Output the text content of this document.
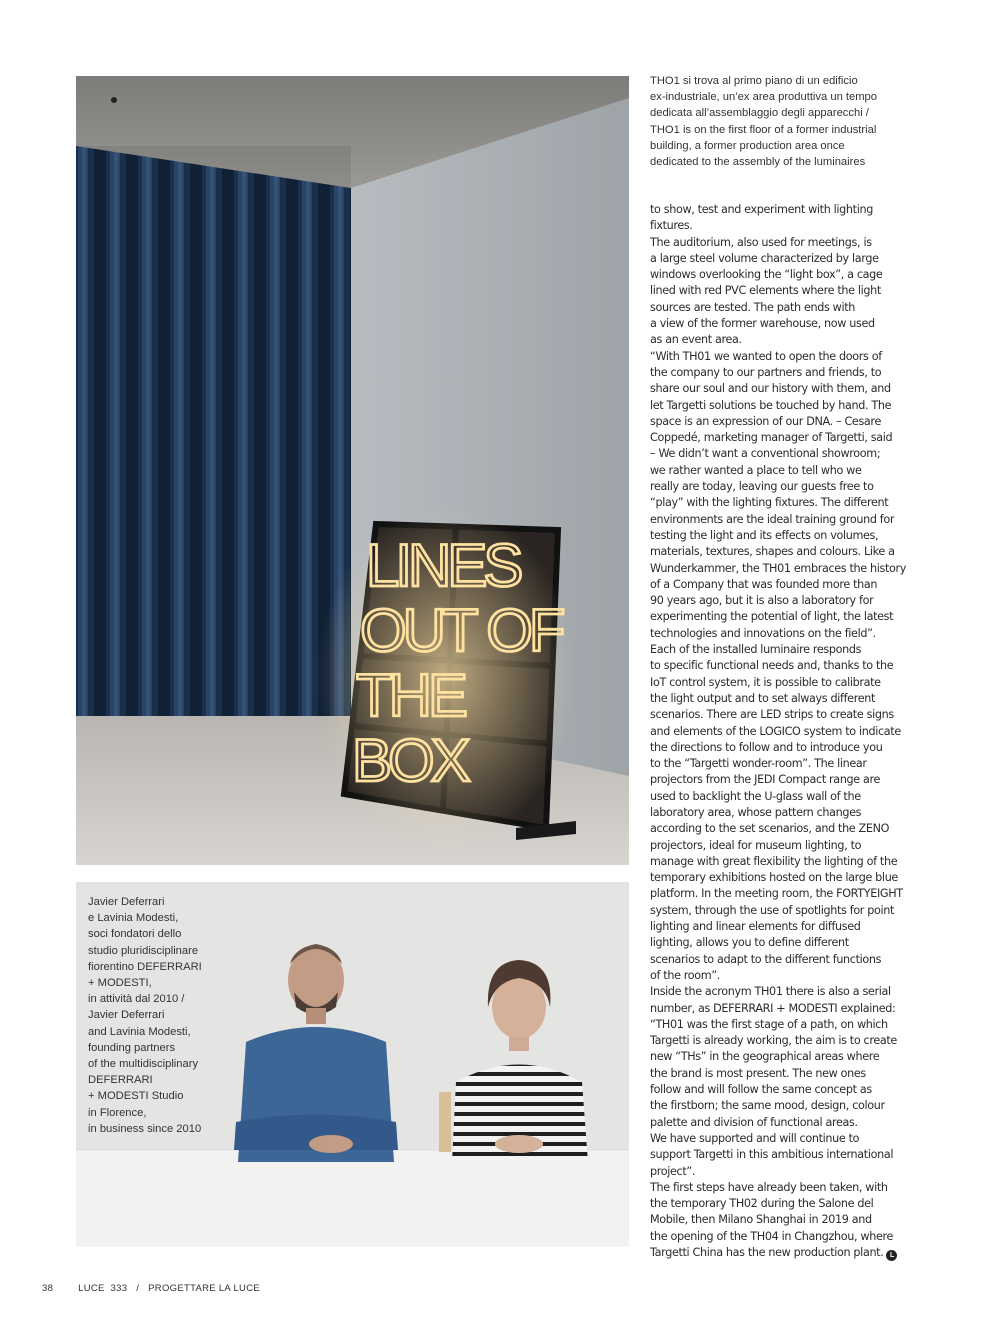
LINES
OUT OF
THE
BOX
THO1 si trova al primo piano di un edificio
ex-industriale, un’ex area produttiva un tempo
dedicata all’assemblaggio degli apparecchi /
THO1 is on the first floor of a former industrial
building, a former production area once
dedicated to the assembly of the luminaires
Javier Deferrari
e Lavinia Modesti,
soci fondatori dello
studio pluridisciplinare
fiorentino DEFERRARI
+ MODESTI,
in attività dal 2010 /
Javier Deferrari
and Lavinia Modesti,
founding partners
of the multidisciplinary
DEFERRARI
+ MODESTI Studio
in Florence,
in business since 2010

to show, test and experiment with lighting

fixtures.

The auditorium, also used for meetings, is

a large steel volume characterized by large

windows overlooking the “light box”, a cage

lined with red PVC elements where the light

sources are tested. The path ends with

a view of the former warehouse, now used

as an event area.

“With TH01 we wanted to open the doors of

the company to our partners and friends, to

share our soul and our history with them, and

let Targetti solutions be touched by hand. The

space is an expression of our DNA. – Cesare

Coppedé, marketing manager of Targetti, said

– We didn’t want a conventional showroom;

we rather wanted a place to tell who we

really are today, leaving our guests free to

“play” with the lighting fixtures. The different

environments are the ideal training ground for

testing the light and its effects on volumes,

materials, textures, shapes and colours. Like a

Wunderkammer, the TH01 embraces the history

of a Company that was founded more than

90 years ago, but it is also a laboratory for

experimenting the potential of light, the latest

technologies and innovations on the field”.

Each of the installed luminaire responds

to specific functional needs and, thanks to the

IoT control system, it is possible to calibrate

the light output and to set always different

scenarios. There are LED strips to create signs

and elements of the LOGICO system to indicate

the directions to follow and to introduce you

to the “Targetti wonder-room”. The linear

projectors from the JEDI Compact range are

used to backlight the U-glass wall of the

laboratory area, whose pattern changes

according to the set scenarios, and the ZENO

projectors, ideal for museum lighting, to

manage with great flexibility the lighting of the

temporary exhibitions hosted on the large blue

platform. In the meeting room, the FORTYEIGHT

system, through the use of spotlights for point

lighting and linear elements for diffused

lighting, allows you to define different

scenarios to adapt to the different functions

of the room”.

Inside the acronym TH01 there is also a serial

number, as DEFERRARI + MODESTI explained:

“TH01 was the first stage of a path, on which

Targetti is already working, the aim is to create

new “THs” in the geographical areas where

the brand is most present. The new ones

follow and will follow the same concept as

the firstborn; the same mood, design, colour

palette and division of functional areas.

We have supported and will continue to

support Targetti in this ambitious international

project”.

The first steps have already been taken, with

the temporary TH02 during the Salone del

Mobile, then Milano Shanghai in 2019 and

the opening of the TH04 in Changzhou, where

Targetti China has the new production plant. L

38	LUCE  333 / PROGETTARE LA LUCE
